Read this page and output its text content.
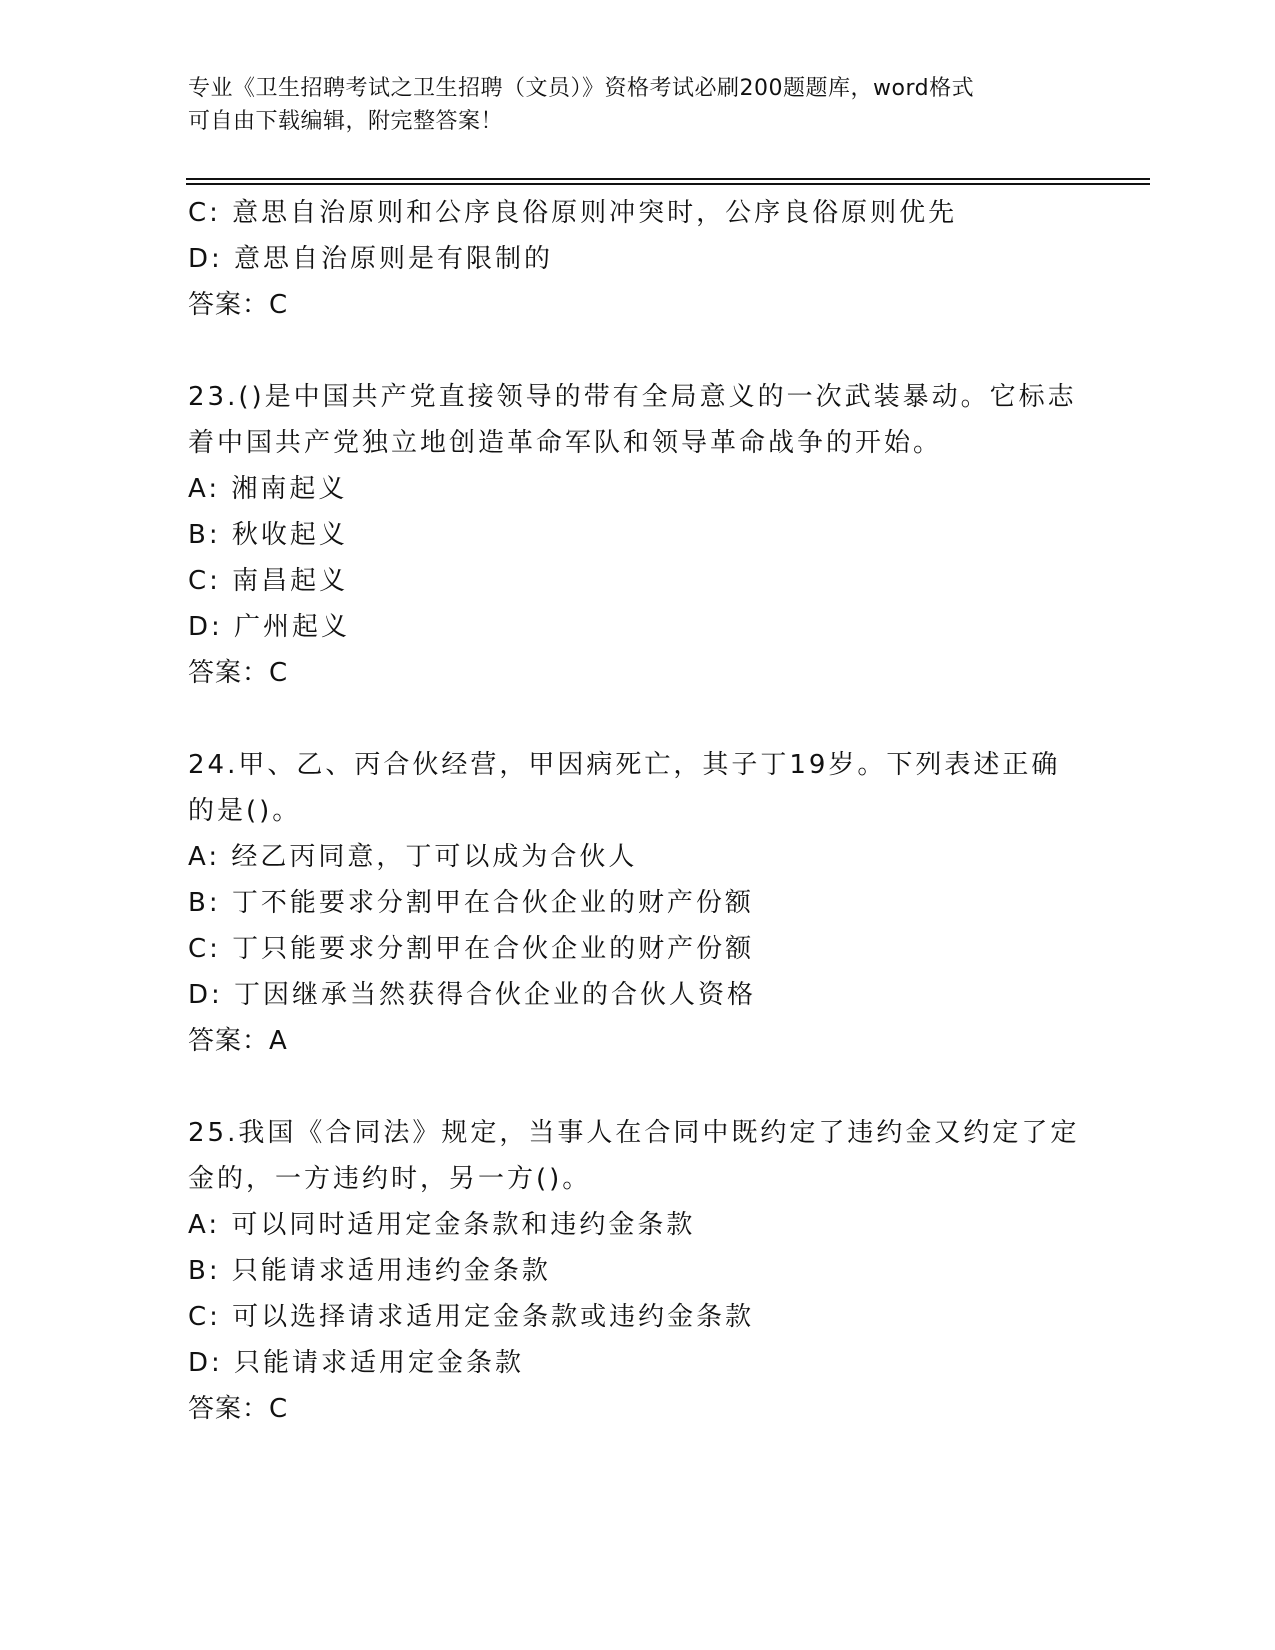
专业《卫生招聘考试之卫生招聘（文员）》资格考试必刷200题题库，word格式
可自由下载编辑，附完整答案！
C: 意思自治原则和公序良俗原则冲突时，公序良俗原则优先
D: 意思自治原则是有限制的
答案：C
23.()是中国共产党直接领导的带有全局意义的一次武装暴动。它标志
着中国共产党独立地创造革命军队和领导革命战争的开始。
A: 湘南起义
B: 秋收起义
C: 南昌起义
D: 广州起义
答案：C
24.甲、乙、丙合伙经营，甲因病死亡，其子丁19岁。下列表述正确
的是()。
A: 经乙丙同意，丁可以成为合伙人
B: 丁不能要求分割甲在合伙企业的财产份额
C: 丁只能要求分割甲在合伙企业的财产份额
D: 丁因继承当然获得合伙企业的合伙人资格
答案：A
25.我国《合同法》规定，当事人在合同中既约定了违约金又约定了定
金的，一方违约时，另一方()。
A: 可以同时适用定金条款和违约金条款
B: 只能请求适用违约金条款
C: 可以选择请求适用定金条款或违约金条款
D: 只能请求适用定金条款
答案：C
